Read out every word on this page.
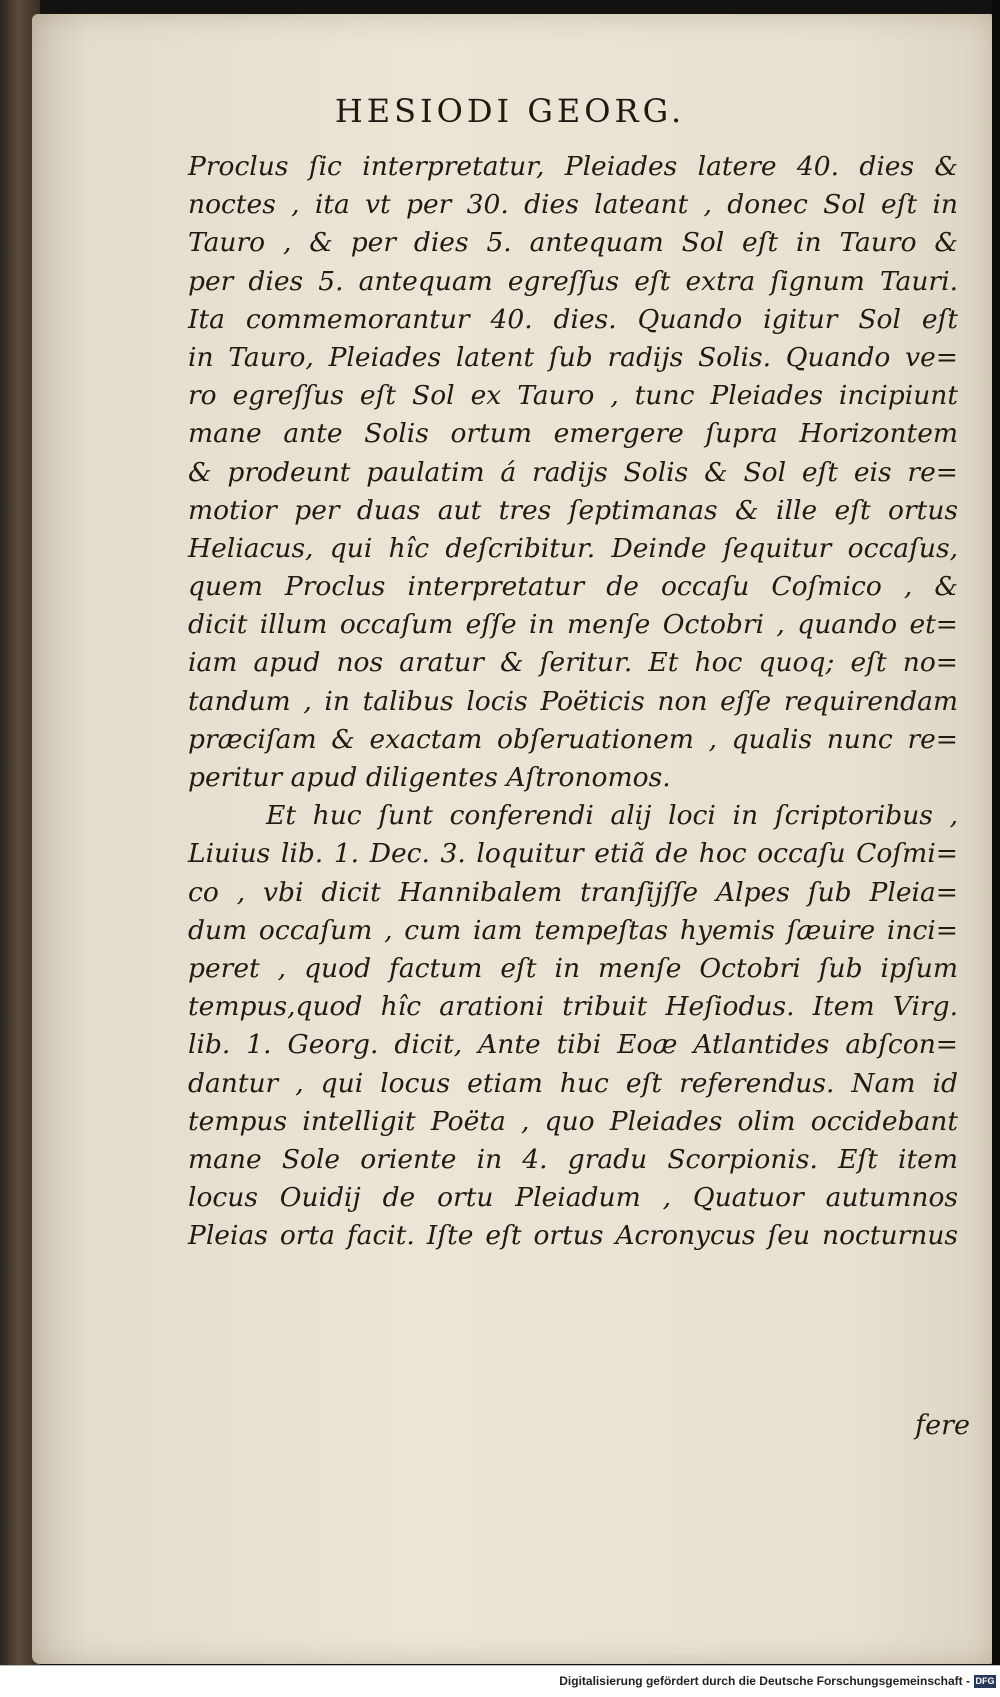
HESIODI GEORG.
Proclus ſic interpretatur, Pleiades latere 40. dies &
noctes , ita vt per 30. dies lateant , donec Sol eſt in
Tauro , & per dies 5. antequam Sol eſt in Tauro &
per dies 5. antequam egreſſus eſt extra ſignum Tauri.
Ita commemorantur 40. dies. Quando igitur Sol eſt
in Tauro, Pleiades latent ſub radijs Solis. Quando ve=
ro egreſſus eſt Sol ex Tauro , tunc Pleiades incipiunt
mane ante Solis ortum emergere ſupra Horizontem
& prodeunt paulatim á radijs Solis & Sol eſt eis re=
motior per duas aut tres ſeptimanas & ille eſt ortus
Heliacus, qui hîc deſcribitur. Deinde ſequitur occaſus,
quem Proclus interpretatur de occaſu Coſmico , &
dicit illum occaſum eſſe in menſe Octobri , quando et=
iam apud nos aratur & ſeritur. Et hoc quoq; eſt no=
tandum , in talibus locis Poëticis non eſſe requirendam
præciſam & exactam obſeruationem , qualis nunc re=
peritur apud diligentes Aſtronomos.
Et huc ſunt conferendi alij loci in ſcriptoribus ,
Liuius lib. 1. Dec. 3. loquitur etiã de hoc occaſu Coſmi=
co , vbi dicit Hannibalem tranſijſſe Alpes ſub Pleia=
dum occaſum , cum iam tempeſtas hyemis ſæuire inci=
peret , quod factum eſt in menſe Octobri ſub ipſum
tempus,quod hîc arationi tribuit Heſiodus. Item Virg.
lib. 1. Georg. dicit, Ante tibi Eoæ Atlantides abſcon=
dantur , qui locus etiam huc eſt referendus. Nam id
tempus intelligit Poëta , quo Pleiades olim occidebant
mane Sole oriente in 4. gradu Scorpionis. Eſt item
locus Ouidij de ortu Pleiadum , Quatuor autumnos
Pleias orta facit. Iſte eſt ortus Acronycus ſeu nocturnus
fere
Digitalisierung gefördert durch die Deutsche Forschungsgemeinschaft - DFG
